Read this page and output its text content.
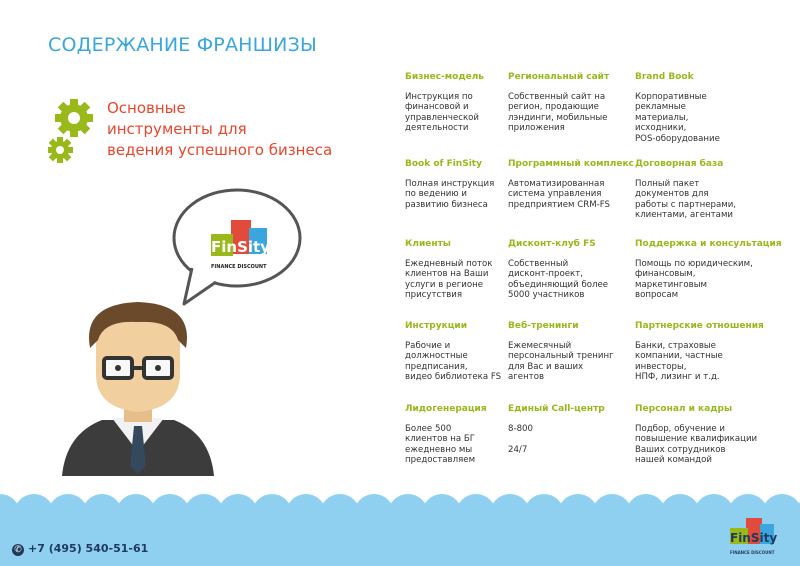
СОДЕРЖАНИЕ ФРАНШИЗЫ
Основные
инструменты для
ведения успешного бизнеса
FinSity
FINANCE DISCOUNT
Бизнес-модель
Инструкция по
финансовой и
управленческой
деятельности
Региональный сайт
Собственный сайт на
регион, продающие
лэндинги, мобильные
приложения
Brand Book
Корпоративные
рекламные
материалы,
исходники,
POS-оборудование
Book of FinSity
Полная инструкция
по ведению и
развитию бизнеса
Программный комплекс
Автоматизированная
система управления
предприятием CRM-FS
Договорная база
Полный пакет
документов для
работы с партнерами,
клиентами, агентами
Клиенты
Ежедневный поток
клиентов на Ваши
услуги в регионе
присутствия
Дисконт-клуб FS
Собственный
дисконт-проект,
объединяющий более
5000 участников
Поддержка и консультация
Помощь по юридическим,
финансовым, маркетинговым
вопросам
Инструкции
Рабочие и
должностные
предписания,
видео библиотека FS
Веб-тренинги
Ежемесячный
персональный тренинг
для Вас и ваших
агентов
Партнерские отношения
Банки, страховые
компании, частные
инвесторы,
НПФ, лизинг и т.д.
Лидогенерация
Более 500
клиентов на БГ
ежедневно мы
предоставляем
Единый Call-центр
8-800

24/7
Персонал и кадры
Подбор, обучение и
повышение квалификации
Ваших сотрудников
нашей командой
✆ +7 (495) 540-51-61
FinSity
FINANCE DISCOUNT
